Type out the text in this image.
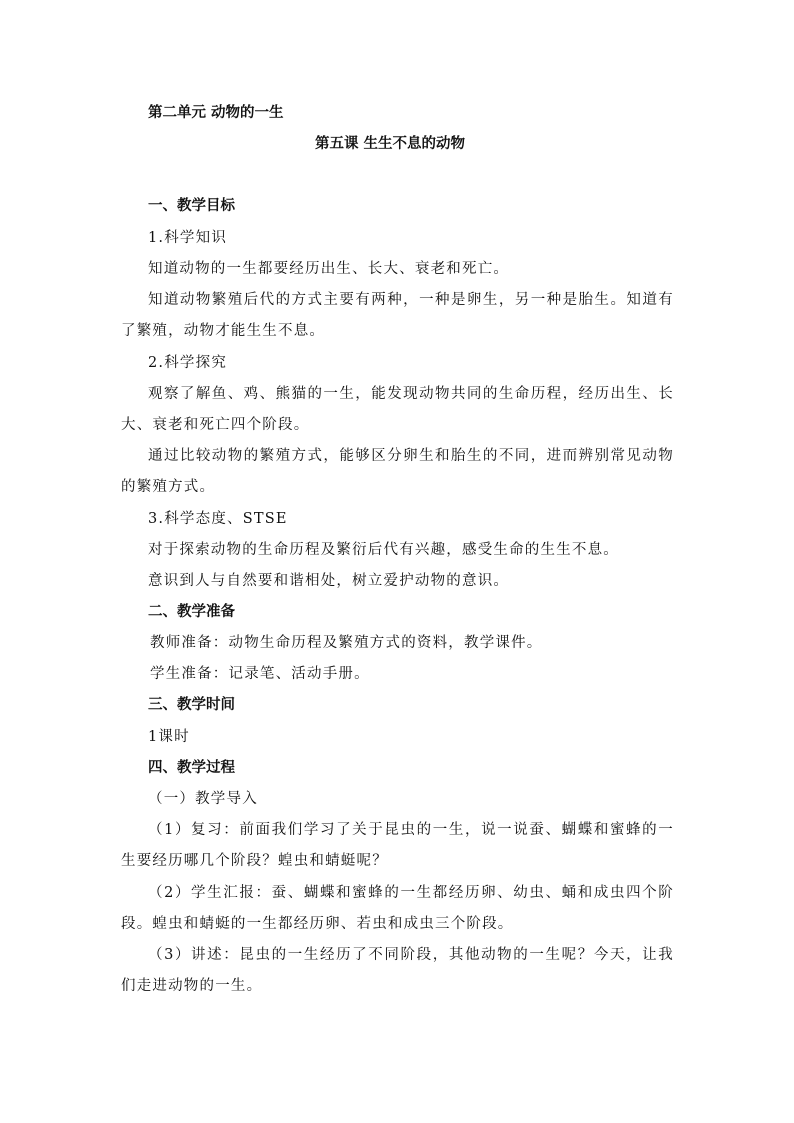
第二单元 动物的一生
第五课 生生不息的动物
一、教学目标
1.科学知识
知道动物的一生都要经历出生、长大、衰老和死亡。
知道动物繁殖后代的方式主要有两种，一种是卵生，另一种是胎生。知道有
了繁殖，动物才能生生不息。
2.科学探究
观察了解鱼、鸡、熊猫的一生，能发现动物共同的生命历程，经历出生、长
大、衰老和死亡四个阶段。
通过比较动物的繁殖方式，能够区分卵生和胎生的不同，进而辨别常见动物
的繁殖方式。
3.科学态度、STSE
对于探索动物的生命历程及繁衍后代有兴趣，感受生命的生生不息。
意识到人与自然要和谐相处，树立爱护动物的意识。
二、教学准备
教师准备：动物生命历程及繁殖方式的资料，教学课件。
学生准备：记录笔、活动手册。
三、教学时间
1课时
四、教学过程
（一）教学导入
（1）复习：前面我们学习了关于昆虫的一生，说一说蚕、蝴蝶和蜜蜂的一
生要经历哪几个阶段？蝗虫和蜻蜓呢？
（2）学生汇报：蚕、蝴蝶和蜜蜂的一生都经历卵、幼虫、蛹和成虫四个阶
段。蝗虫和蜻蜓的一生都经历卵、若虫和成虫三个阶段。
（3）讲述：昆虫的一生经历了不同阶段，其他动物的一生呢？今天，让我
们走进动物的一生。
